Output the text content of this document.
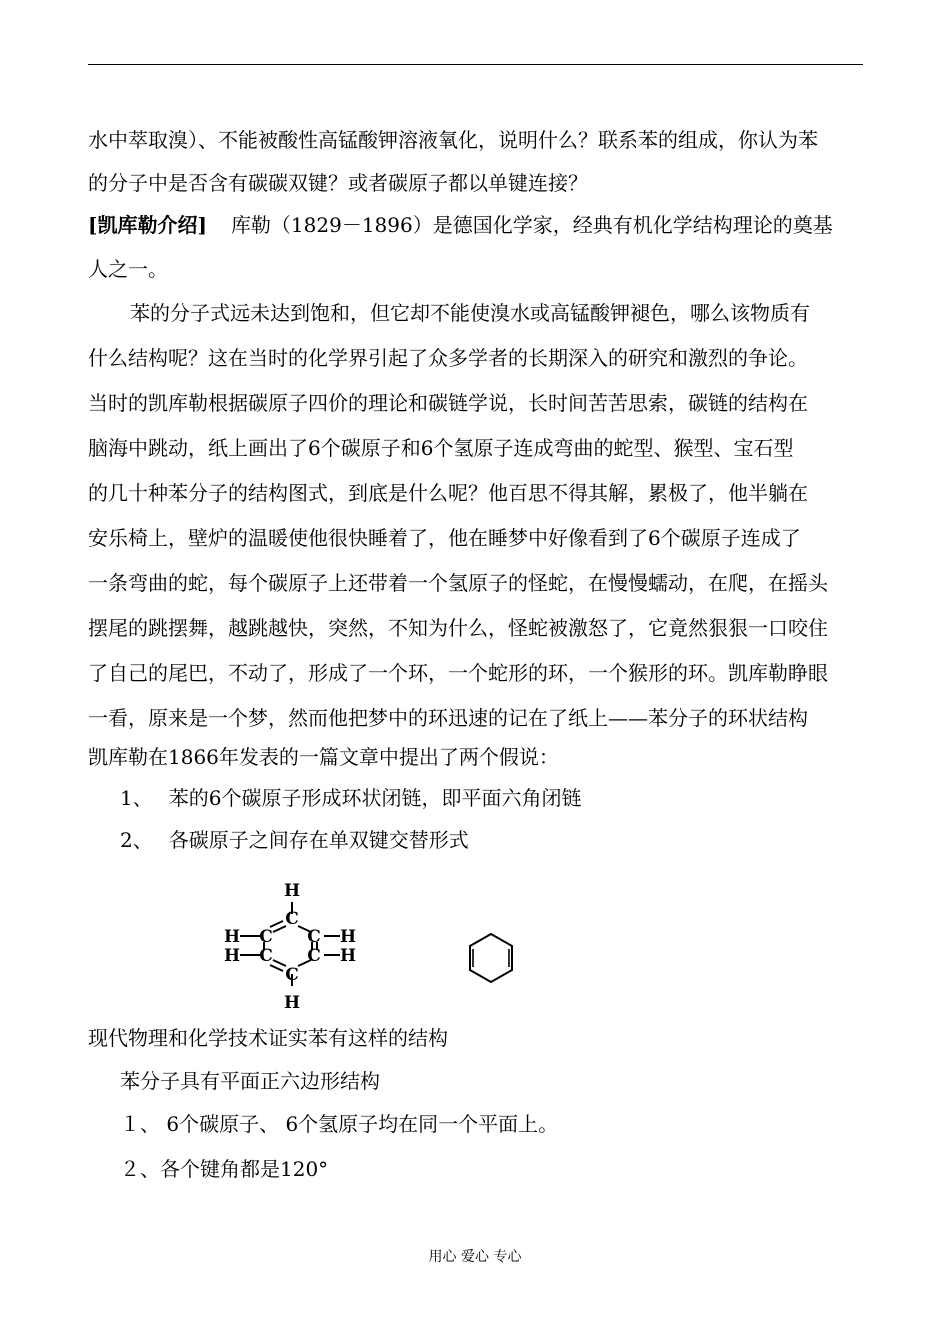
水中萃取溴）、不能被酸性高锰酸钾溶液氧化，说明什么？联系苯的组成，你认为苯
的分子中是否含有碳碳双键？或者碳原子都以单键连接？
[凯库勒介绍] 库勒（1829－1896）是德国化学家，经典有机化学结构理论的奠基
人之一。
苯的分子式远未达到饱和，但它却不能使溴水或高锰酸钾褪色，哪么该物质有
什么结构呢？这在当时的化学界引起了众多学者的长期深入的研究和激烈的争论。
当时的凯库勒根据碳原子四价的理论和碳链学说，长时间苦苦思索，碳链的结构在
脑海中跳动，纸上画出了6个碳原子和6个氢原子连成弯曲的蛇型、猴型、宝石型
的几十种苯分子的结构图式，到底是什么呢？他百思不得其解，累极了，他半躺在
安乐椅上，壁炉的温暖使他很快睡着了，他在睡梦中好像看到了6个碳原子连成了
一条弯曲的蛇，每个碳原子上还带着一个氢原子的怪蛇，在慢慢蠕动，在爬，在摇头
摆尾的跳摆舞，越跳越快，突然，不知为什么，怪蛇被激怒了，它竟然狠狠一口咬住
了自己的尾巴，不动了，形成了一个环，一个蛇形的环，一个猴形的环。凯库勒睁眼
一看，原来是一个梦，然而他把梦中的环迅速的记在了纸上——苯分子的环状结构
凯库勒在1866年发表的一篇文章中提出了两个假说：
1、 苯的6个碳原子形成环状闭链，即平面六角闭链
2、 各碳原子之间存在单双键交替形式
H
C
H C C H
H C C H
C
H
现代物理和化学技术证实苯有这样的结构
苯分子具有平面正六边形结构
１、 6个碳原子、 6个氢原子均在同一个平面上。
２、各个键角都是120°
用心 爱心 专心
